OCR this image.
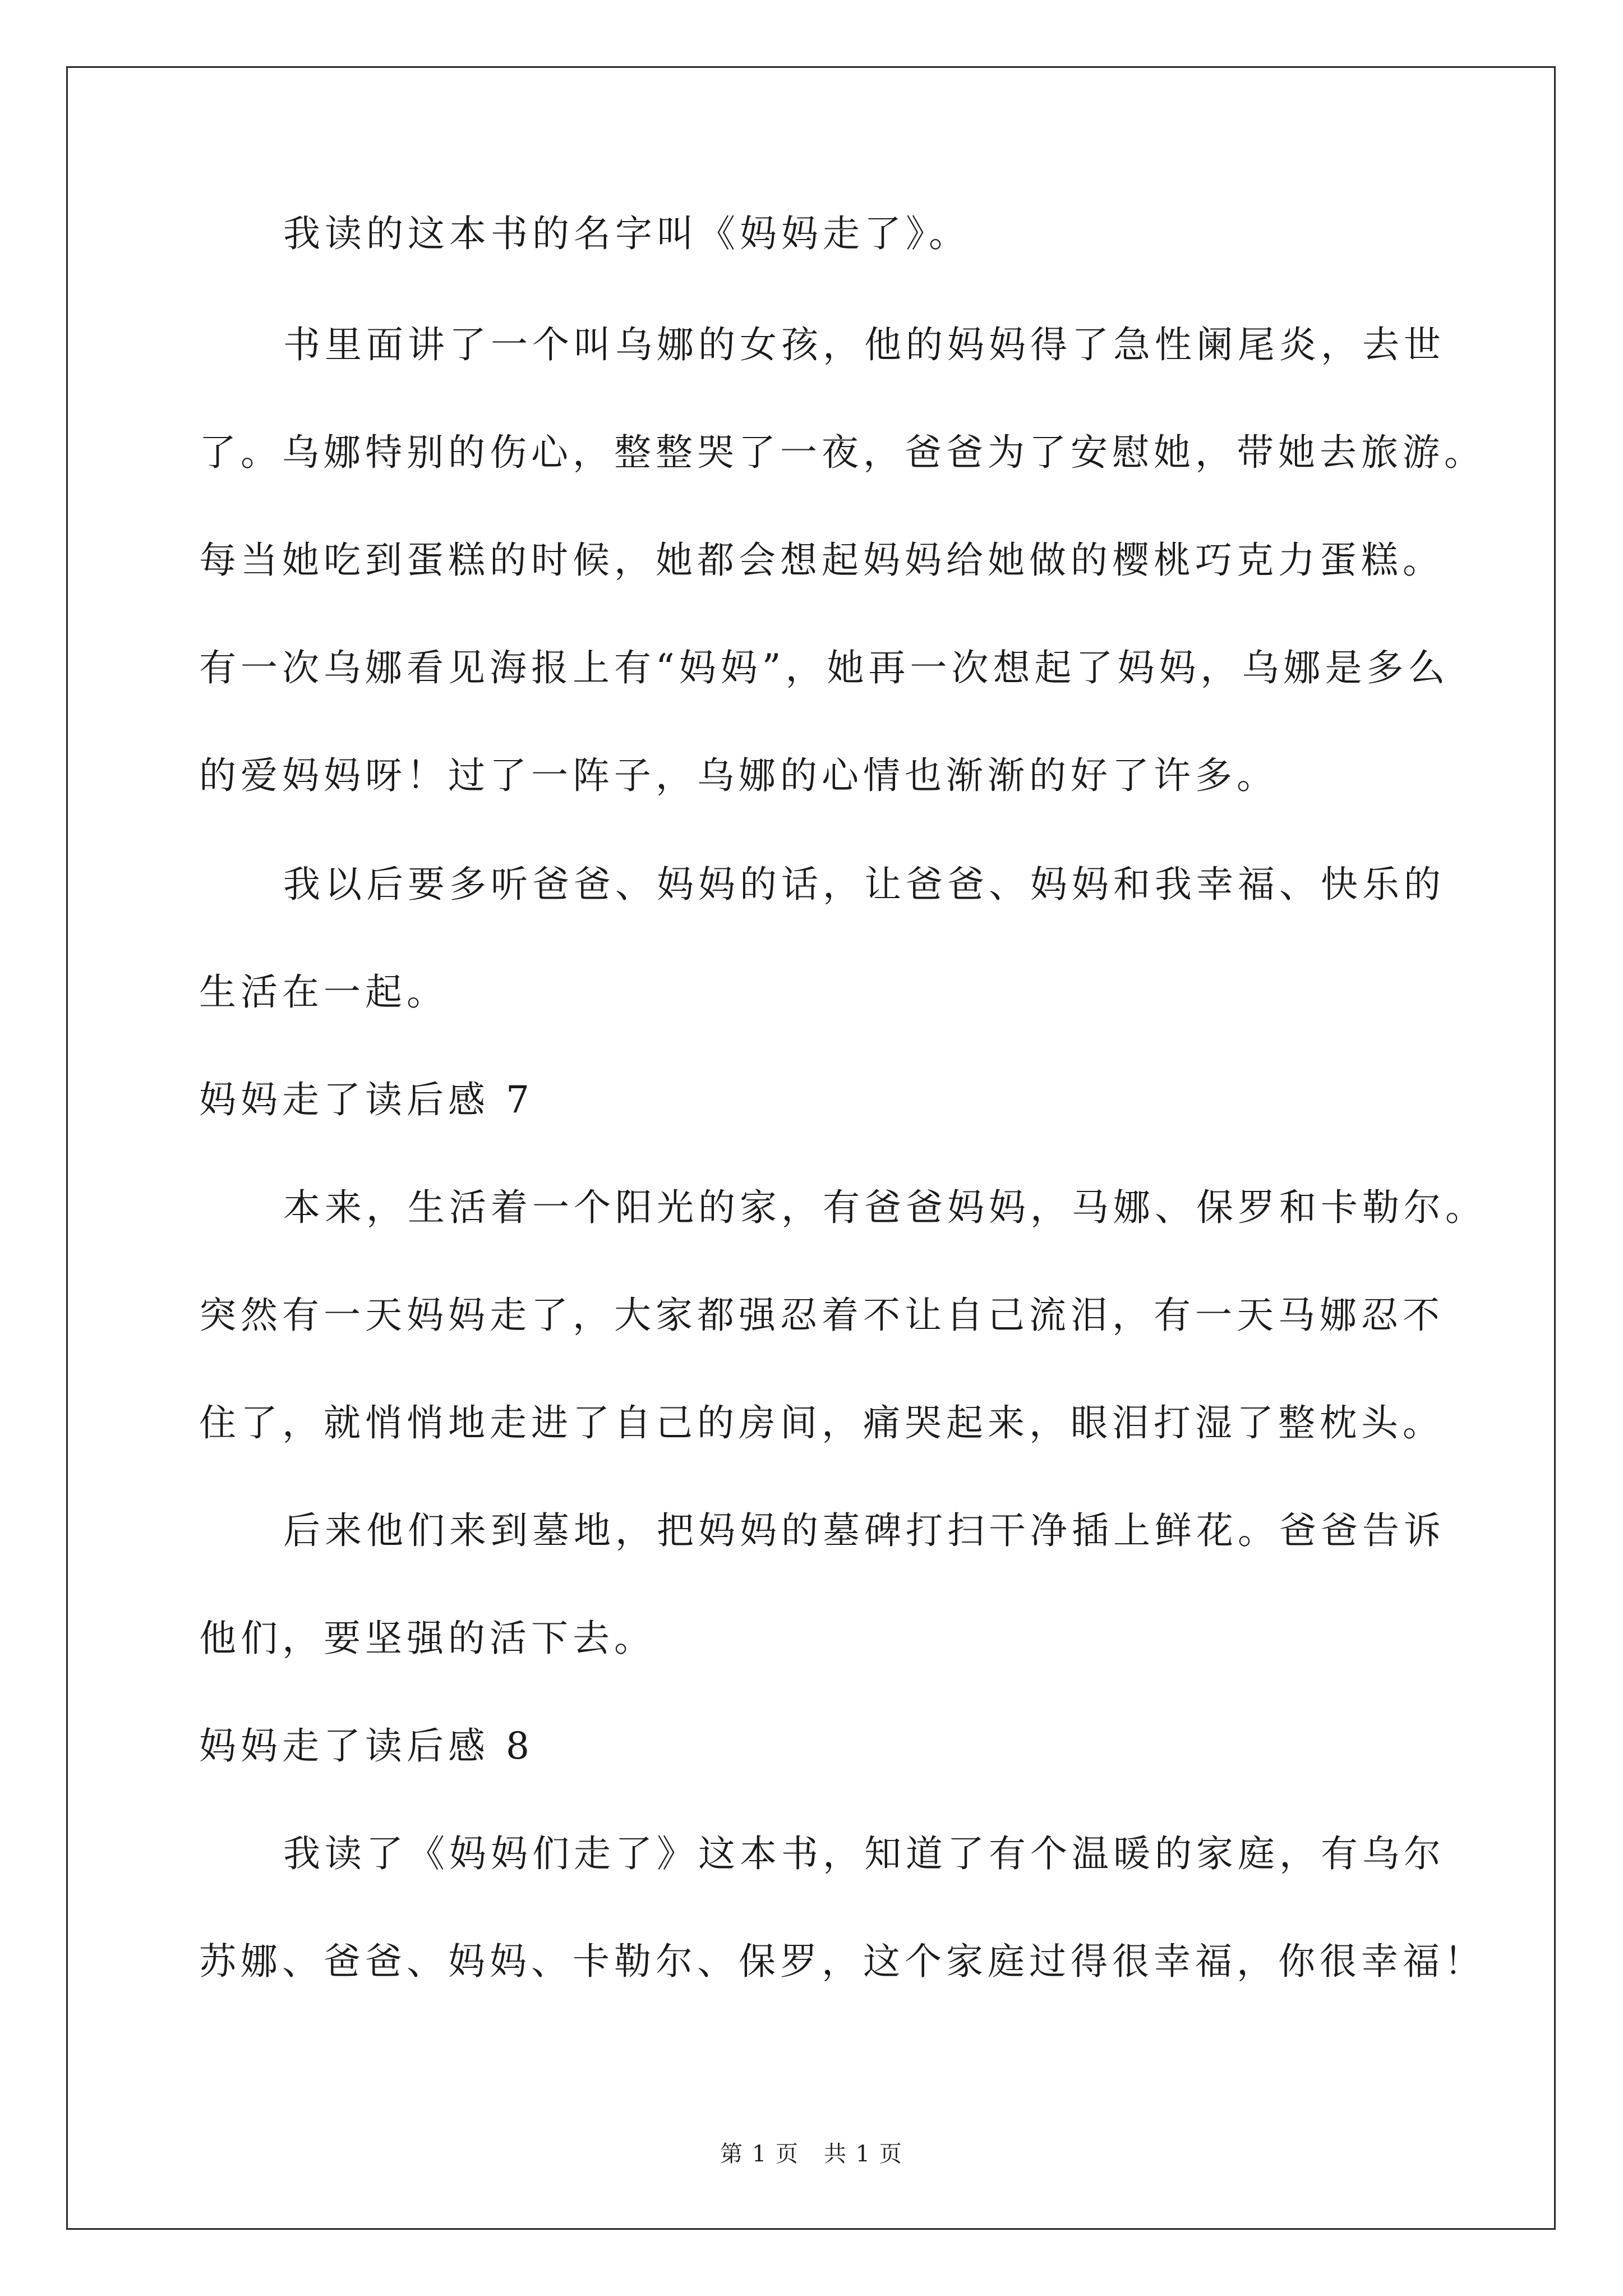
我读的这本书的名字叫《妈妈走了》。
书里面讲了一个叫乌娜的女孩，他的妈妈得了急性阑尾炎，去世
了。乌娜特别的伤心，整整哭了一夜，爸爸为了安慰她，带她去旅游。
每当她吃到蛋糕的时候，她都会想起妈妈给她做的樱桃巧克力蛋糕。
有一次乌娜看见海报上有“妈妈”，她再一次想起了妈妈，乌娜是多么
的爱妈妈呀！过了一阵子，乌娜的心情也渐渐的好了许多。
我以后要多听爸爸、妈妈的话，让爸爸、妈妈和我幸福、快乐的
生活在一起。
妈妈走了读后感 7
本来，生活着一个阳光的家，有爸爸妈妈，马娜、保罗和卡勒尔。
突然有一天妈妈走了，大家都强忍着不让自己流泪，有一天马娜忍不
住了，就悄悄地走进了自己的房间，痛哭起来，眼泪打湿了整枕头。
后来他们来到墓地，把妈妈的墓碑打扫干净插上鲜花。爸爸告诉
他们，要坚强的活下去。
妈妈走了读后感 8
我读了《妈妈们走了》这本书，知道了有个温暖的家庭，有乌尔
苏娜、爸爸、妈妈、卡勒尔、保罗，这个家庭过得很幸福，你很幸福！
第 1 页 共 1 页
